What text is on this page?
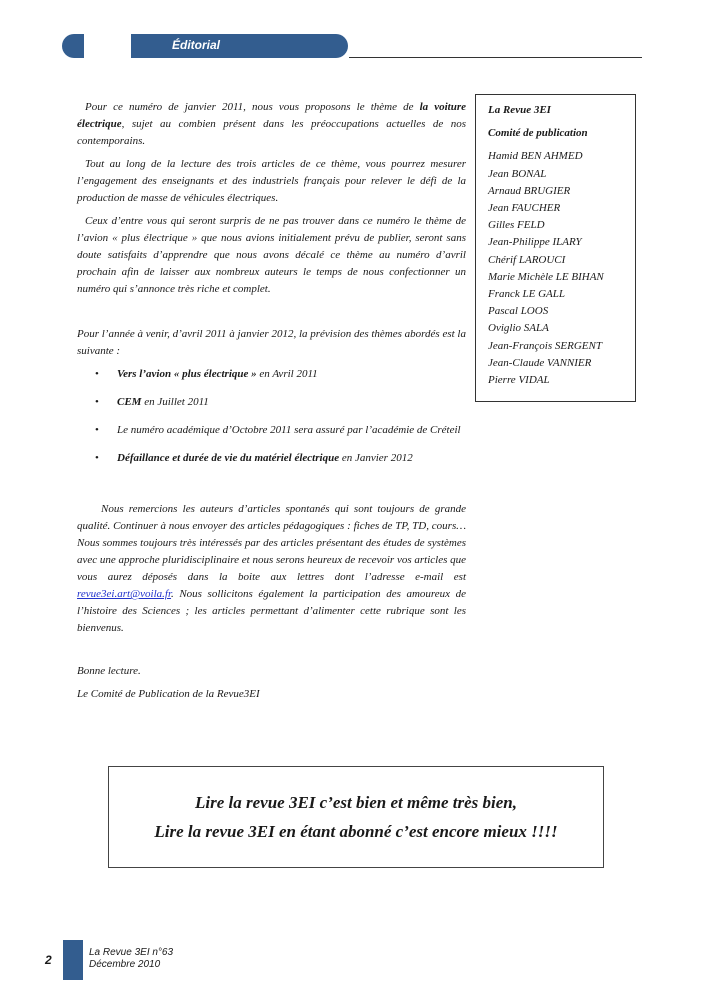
Éditorial

Pour ce numéro de janvier 2011, nous vous proposons le thème de la voiture électrique, sujet au combien présent dans les préoccupations actuelles de nos contemporains.

Tout au long de la lecture des trois articles de ce thème, vous pourrez mesurer l’engagement des enseignants et des industriels français pour relever le défi de la production de masse de véhicules électriques.

Ceux d’entre vous qui seront surpris de ne pas trouver dans ce numéro le thème de l’avion « plus électrique » que nous avions initialement prévu de publier, seront sans doute satisfaits d’apprendre que nous avons décalé ce thème au numéro d’avril prochain afin de laisser aux nombreux auteurs le temps de nous confectionner un numéro qui s’annonce très riche et complet.

Pour l’année à venir, d’avril 2011 à janvier 2012, la prévision des thèmes abordés est la suivante :

• Vers l’avion « plus électrique » en Avril 2011
• CEM en Juillet 2011
• Le numéro académique d’Octobre 2011 sera assuré par l’académie de Créteil
• Défaillance et durée de vie du matériel électrique en Janvier 2012

Nous remercions les auteurs d’articles spontanés qui sont toujours de grande qualité. Continuer à nous envoyer des articles pédagogiques : fiches de TP, TD, cours…Nous sommes toujours très intéressés par des articles présentant des études de systèmes avec une approche pluridisciplinaire et nous serons heureux de recevoir vos articles que vous aurez déposés dans la boite aux lettres dont l’adresse e-mail est revue3ei.art@voila.fr. Nous sollicitons également la participation des amoureux de l’histoire des Sciences ; les articles permettant d’alimenter cette rubrique sont les bienvenus.

Bonne lecture.

Le Comité de Publication de la Revue3EI

La Revue 3EI
Comité de publication
Hamid BEN AHMED
Jean BONAL
Arnaud BRUGIER
Jean FAUCHER
Gilles FELD
Jean-Philippe ILARY
Chérif LAROUCI
Marie Michèle LE BIHAN
Franck LE GALL
Pascal LOOS
Oviglio SALA
Jean-François SERGENT
Jean-Claude VANNIER
Pierre VIDAL
Lire la revue 3EI c’est bien et même très bien,
Lire la revue 3EI en étant abonné c’est encore mieux !!!!
2
La Revue 3EI n°63
Décembre 2010
